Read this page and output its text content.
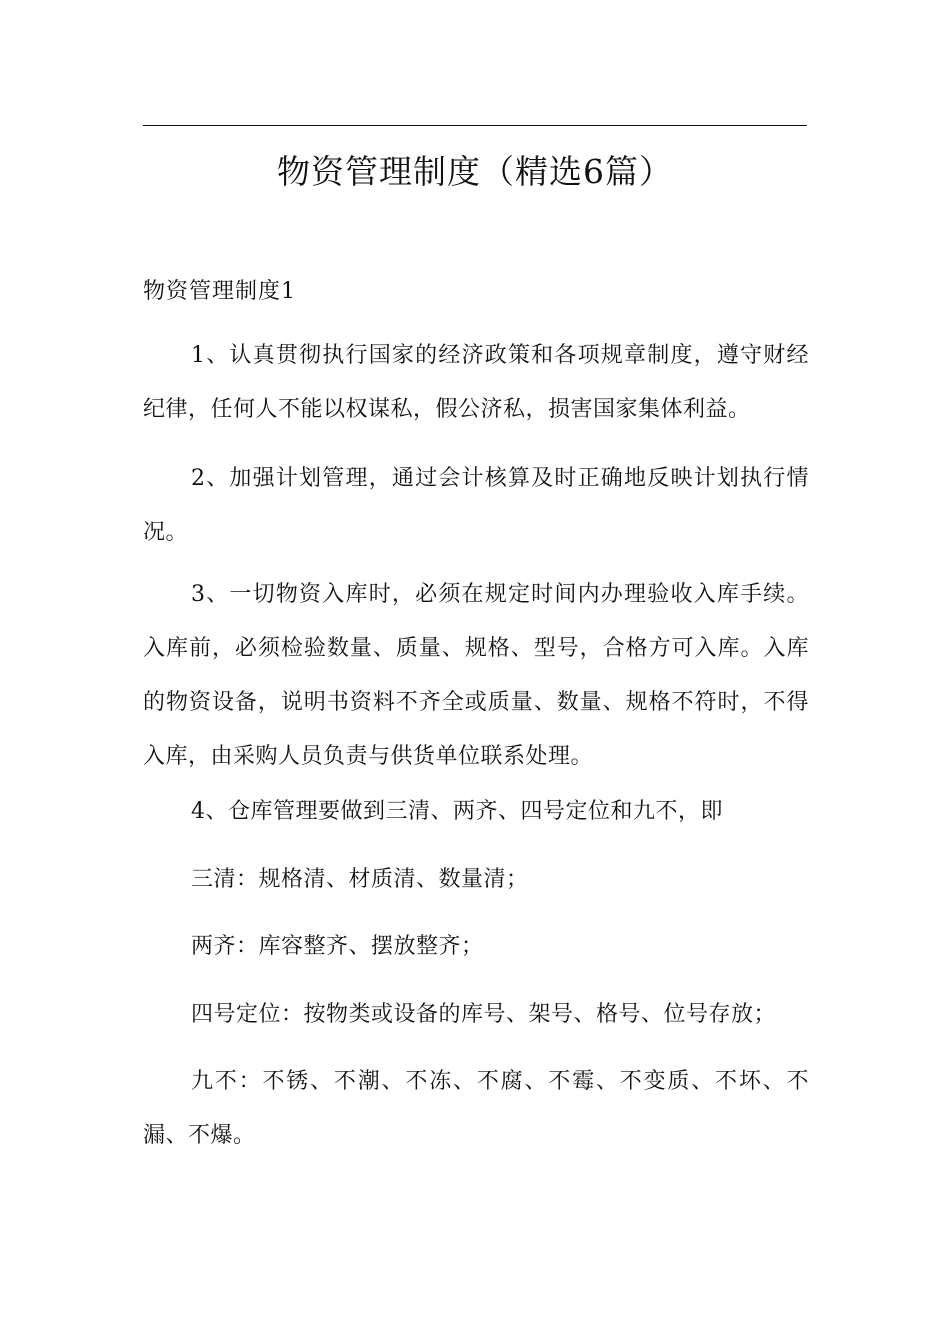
物资管理制度（精选6篇）
物资管理制度1

1、认真贯彻执行国家的经济政策和各项规章制度，遵守财经纪律，任何人不能以权谋私，假公济私，损害国家集体利益。

2、加强计划管理，通过会计核算及时正确地反映计划执行情况。

3、一切物资入库时，必须在规定时间内办理验收入库手续。入库前，必须检验数量、质量、规格、型号，合格方可入库。入库的物资设备，说明书资料不齐全或质量、数量、规格不符时，不得入库，由采购人员负责与供货单位联系处理。

4、仓库管理要做到三清、两齐、四号定位和九不，即

三清：规格清、材质清、数量清；

两齐：库容整齐、摆放整齐；

四号定位：按物类或设备的库号、架号、格号、位号存放；

九不：不锈、不潮、不冻、不腐、不霉、不变质、不坏、不漏、不爆。
